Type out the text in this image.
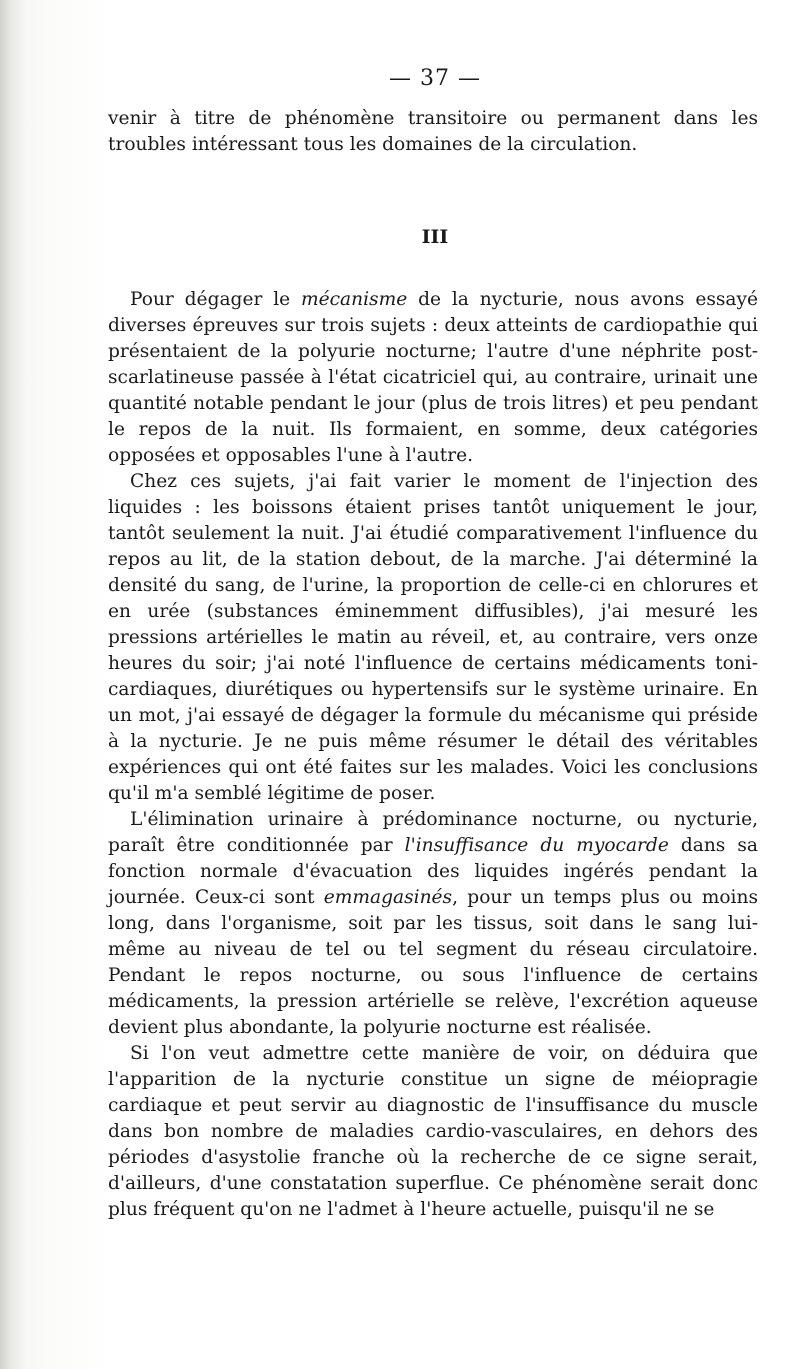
— 37 —

venir à titre de phénomène transitoire ou permanent dans les troubles intéressant tous les domaines de la circulation.

III

Pour dégager le mécanisme de la nycturie, nous avons essayé diverses épreuves sur trois sujets : deux atteints de cardiopathie qui présentaient de la polyurie nocturne; l'autre d'une néphrite post-scarlatineuse passée à l'état cicatriciel qui, au contraire, urinait une quantité notable pendant le jour (plus de trois litres) et peu pendant le repos de la nuit. Ils formaient, en somme, deux catégories opposées et opposables l'une à l'autre.

Chez ces sujets, j'ai fait varier le moment de l'injection des liquides : les boissons étaient prises tantôt uniquement le jour, tantôt seulement la nuit. J'ai étudié comparativement l'influence du repos au lit, de la station debout, de la marche. J'ai déterminé la densité du sang, de l'urine, la proportion de celle-ci en chlorures et en urée (substances éminemment diffusibles), j'ai mesuré les pressions artérielles le matin au réveil, et, au contraire, vers onze heures du soir; j'ai noté l'influence de certains médicaments toni-cardiaques, diurétiques ou hypertensifs sur le système urinaire. En un mot, j'ai essayé de dégager la formule du mécanisme qui préside à la nycturie. Je ne puis même résumer le détail des véritables expériences qui ont été faites sur les malades. Voici les conclusions qu'il m'a semblé légitime de poser.

L'élimination urinaire à prédominance nocturne, ou nycturie, paraît être conditionnée par l'insuffisance du myocarde dans sa fonction normale d'évacuation des liquides ingérés pendant la journée. Ceux-ci sont emmagasinés, pour un temps plus ou moins long, dans l'organisme, soit par les tissus, soit dans le sang lui-même au niveau de tel ou tel segment du réseau circulatoire. Pendant le repos nocturne, ou sous l'influence de certains médicaments, la pression artérielle se relève, l'excrétion aqueuse devient plus abondante, la polyurie nocturne est réalisée.

Si l'on veut admettre cette manière de voir, on déduira que l'apparition de la nycturie constitue un signe de méiopragie cardiaque et peut servir au diagnostic de l'insuffisance du muscle dans bon nombre de maladies cardio-vasculaires, en dehors des périodes d'asystolie franche où la recherche de ce signe serait, d'ailleurs, d'une constatation superflue. Ce phénomène serait donc plus fréquent qu'on ne l'admet à l'heure actuelle, puisqu'il ne se
